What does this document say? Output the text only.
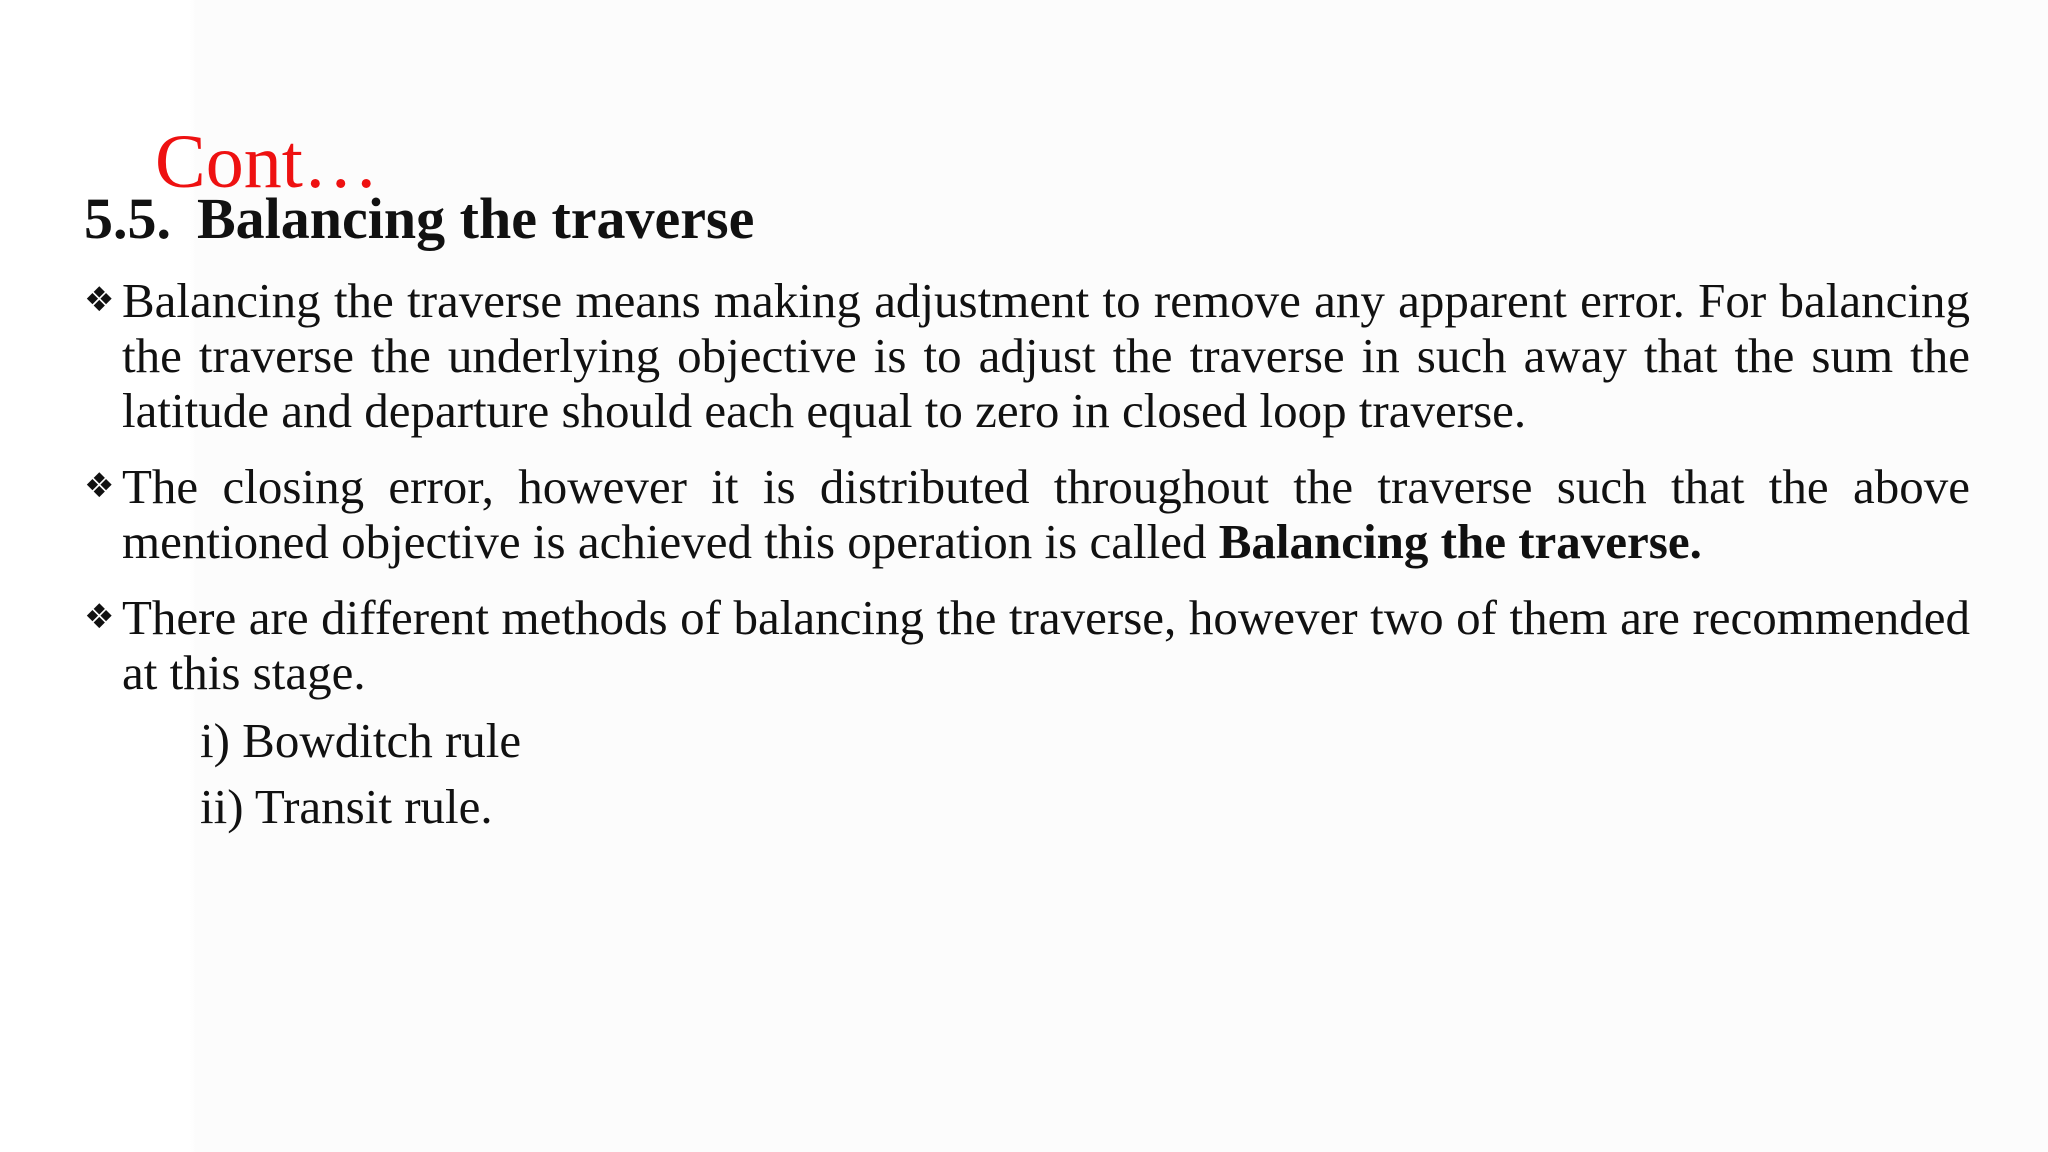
5.5. Balancing the traverse
Cont…
❖ Balancing the traverse means making adjustment to remove any apparent error. For balancing the traverse the underlying objective is to adjust the traverse in such away that the sum the latitude and departure should each equal to zero in closed loop traverse.
❖ The closing error, however it is distributed throughout the traverse such that the above mentioned objective is achieved this operation is called Balancing the traverse.
❖ There are different methods of balancing the traverse, however two of them are recommended at this stage.
i) Bowditch rule
ii) Transit rule.
